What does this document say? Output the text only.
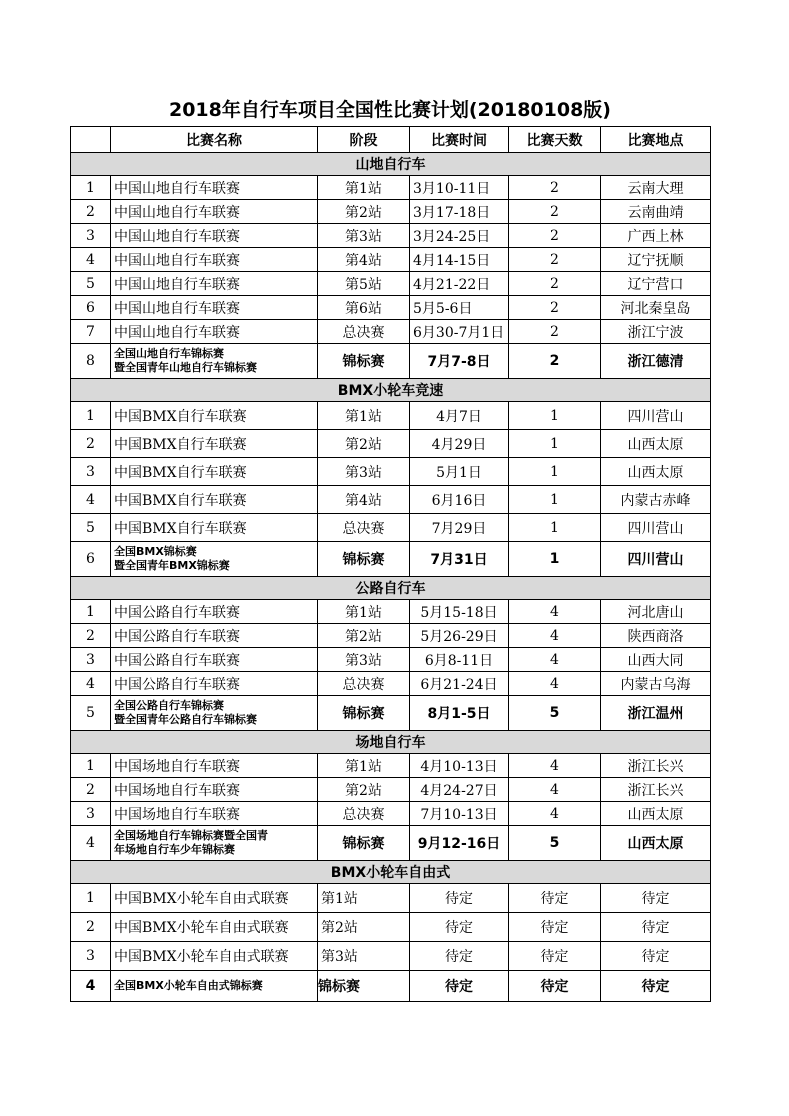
2018年自行车项目全国性比赛计划(20180108版)
	比赛名称	阶段	比赛时间	比赛天数	比赛地点
山地自行车					
1	中国山地自行车联赛	第1站	3月10-11日	2	云南大理
2	中国山地自行车联赛	第2站	3月17-18日	2	云南曲靖
3	中国山地自行车联赛	第3站	3月24-25日	2	广西上林
4	中国山地自行车联赛	第4站	4月14-15日	2	辽宁抚顺
5	中国山地自行车联赛	第5站	4月21-22日	2	辽宁营口
6	中国山地自行车联赛	第6站	5月5-6日	2	河北秦皇岛
7	中国山地自行车联赛	总决赛	6月30-7月1日	2	浙江宁波
8	全国山地自行车锦标赛
暨全国青年山地自行车锦标赛	锦标赛	7月7-8日	2	浙江德清
BMX小轮车竞速					
1	中国BMX自行车联赛	第1站	4月7日	1	四川营山
2	中国BMX自行车联赛	第2站	4月29日	1	山西太原
3	中国BMX自行车联赛	第3站	5月1日	1	山西太原
4	中国BMX自行车联赛	第4站	6月16日	1	内蒙古赤峰
5	中国BMX自行车联赛	总决赛	7月29日	1	四川营山
6	全国BMX锦标赛
暨全国青年BMX锦标赛	锦标赛	7月31日	1	四川营山
公路自行车					
1	中国公路自行车联赛	第1站	5月15-18日	4	河北唐山
2	中国公路自行车联赛	第2站	5月26-29日	4	陕西商洛
3	中国公路自行车联赛	第3站	6月8-11日	4	山西大同
4	中国公路自行车联赛	总决赛	6月21-24日	4	内蒙古乌海
5	全国公路自行车锦标赛
暨全国青年公路自行车锦标赛	锦标赛	8月1-5日	5	浙江温州
场地自行车					
1	中国场地自行车联赛	第1站	4月10-13日	4	浙江长兴
2	中国场地自行车联赛	第2站	4月24-27日	4	浙江长兴
3	中国场地自行车联赛	总决赛	7月10-13日	4	山西太原
4	全国场地自行车锦标赛暨全国青
年场地自行车少年锦标赛	锦标赛	9月12-16日	5	山西太原
BMX小轮车自由式					
1	中国BMX小轮车自由式联赛	第1站	待定	待定	待定
2	中国BMX小轮车自由式联赛	第2站	待定	待定	待定
3	中国BMX小轮车自由式联赛	第3站	待定	待定	待定
4	全国BMX小轮车自由式锦标赛	锦标赛	待定	待定	待定
